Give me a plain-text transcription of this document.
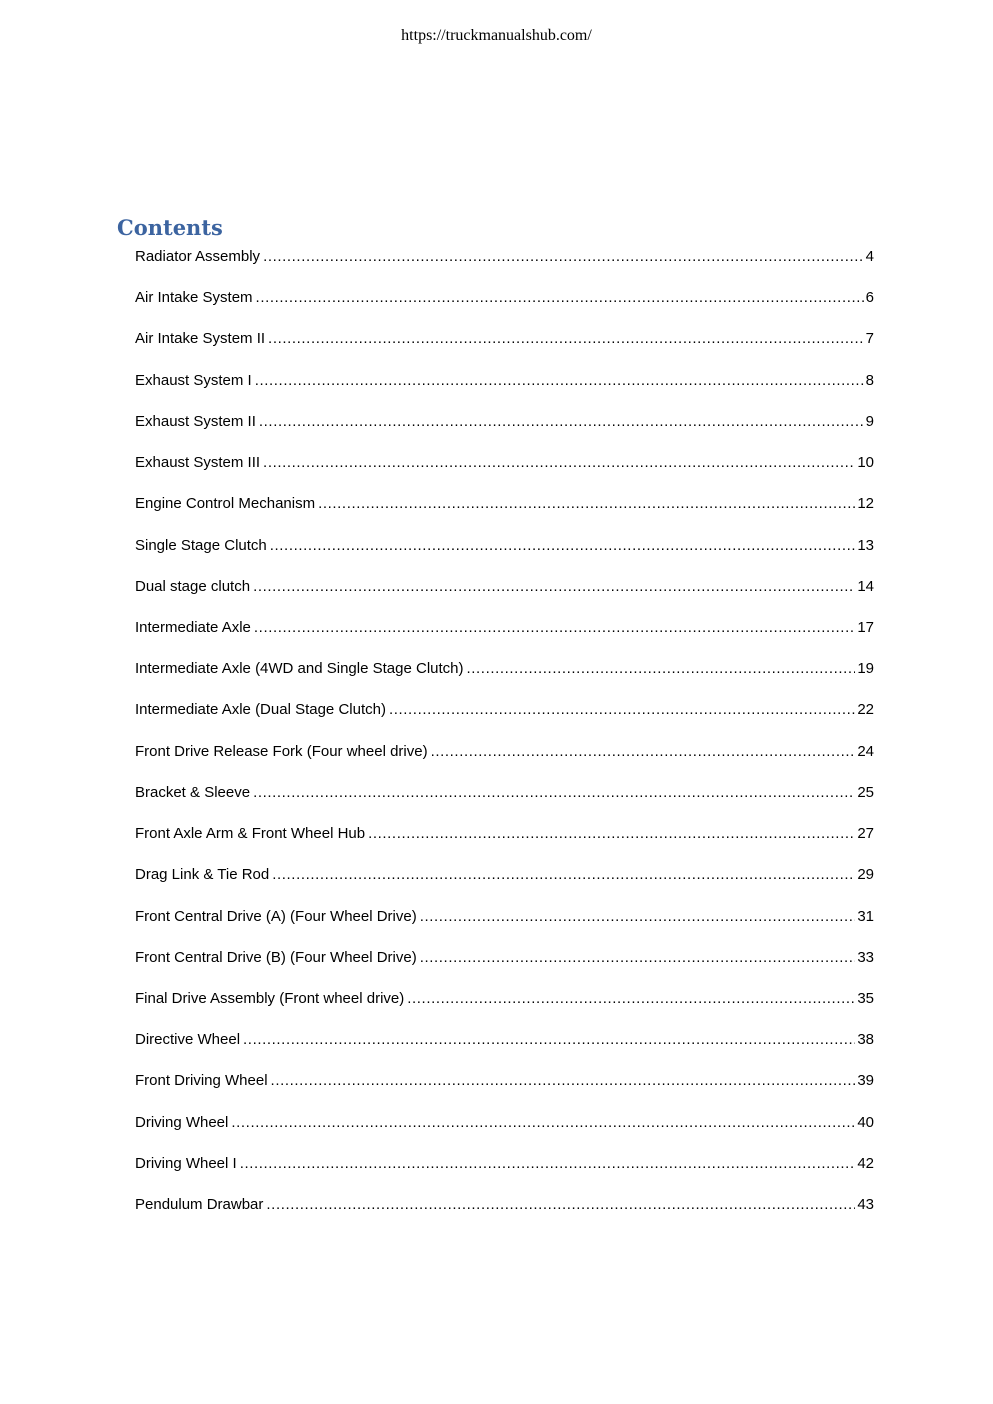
https://truckmanualshub.com/
Contents
Radiator Assembly .....	4
Air Intake System .....	6
Air Intake System II .....	7
Exhaust System I .....	8
Exhaust System II .....	9
Exhaust System III .....	10
Engine Control Mechanism .....	12
Single Stage Clutch .....	13
Dual stage clutch .....	14
Intermediate Axle .....	17
Intermediate Axle (4WD and Single Stage Clutch) .....	19
Intermediate Axle (Dual Stage Clutch) .....	22
Front Drive Release Fork (Four wheel drive) .....	24
Bracket & Sleeve .....	25
Front Axle Arm & Front Wheel Hub .....	27
Drag Link & Tie Rod .....	29
Front Central Drive (A) (Four Wheel Drive) .....	31
Front Central Drive (B) (Four Wheel Drive) .....	33
Final Drive Assembly (Front wheel drive) .....	35
Directive Wheel .....	38
Front Driving Wheel .....	39
Driving Wheel .....	40
Driving Wheel I .....	42
Pendulum Drawbar .....	43
